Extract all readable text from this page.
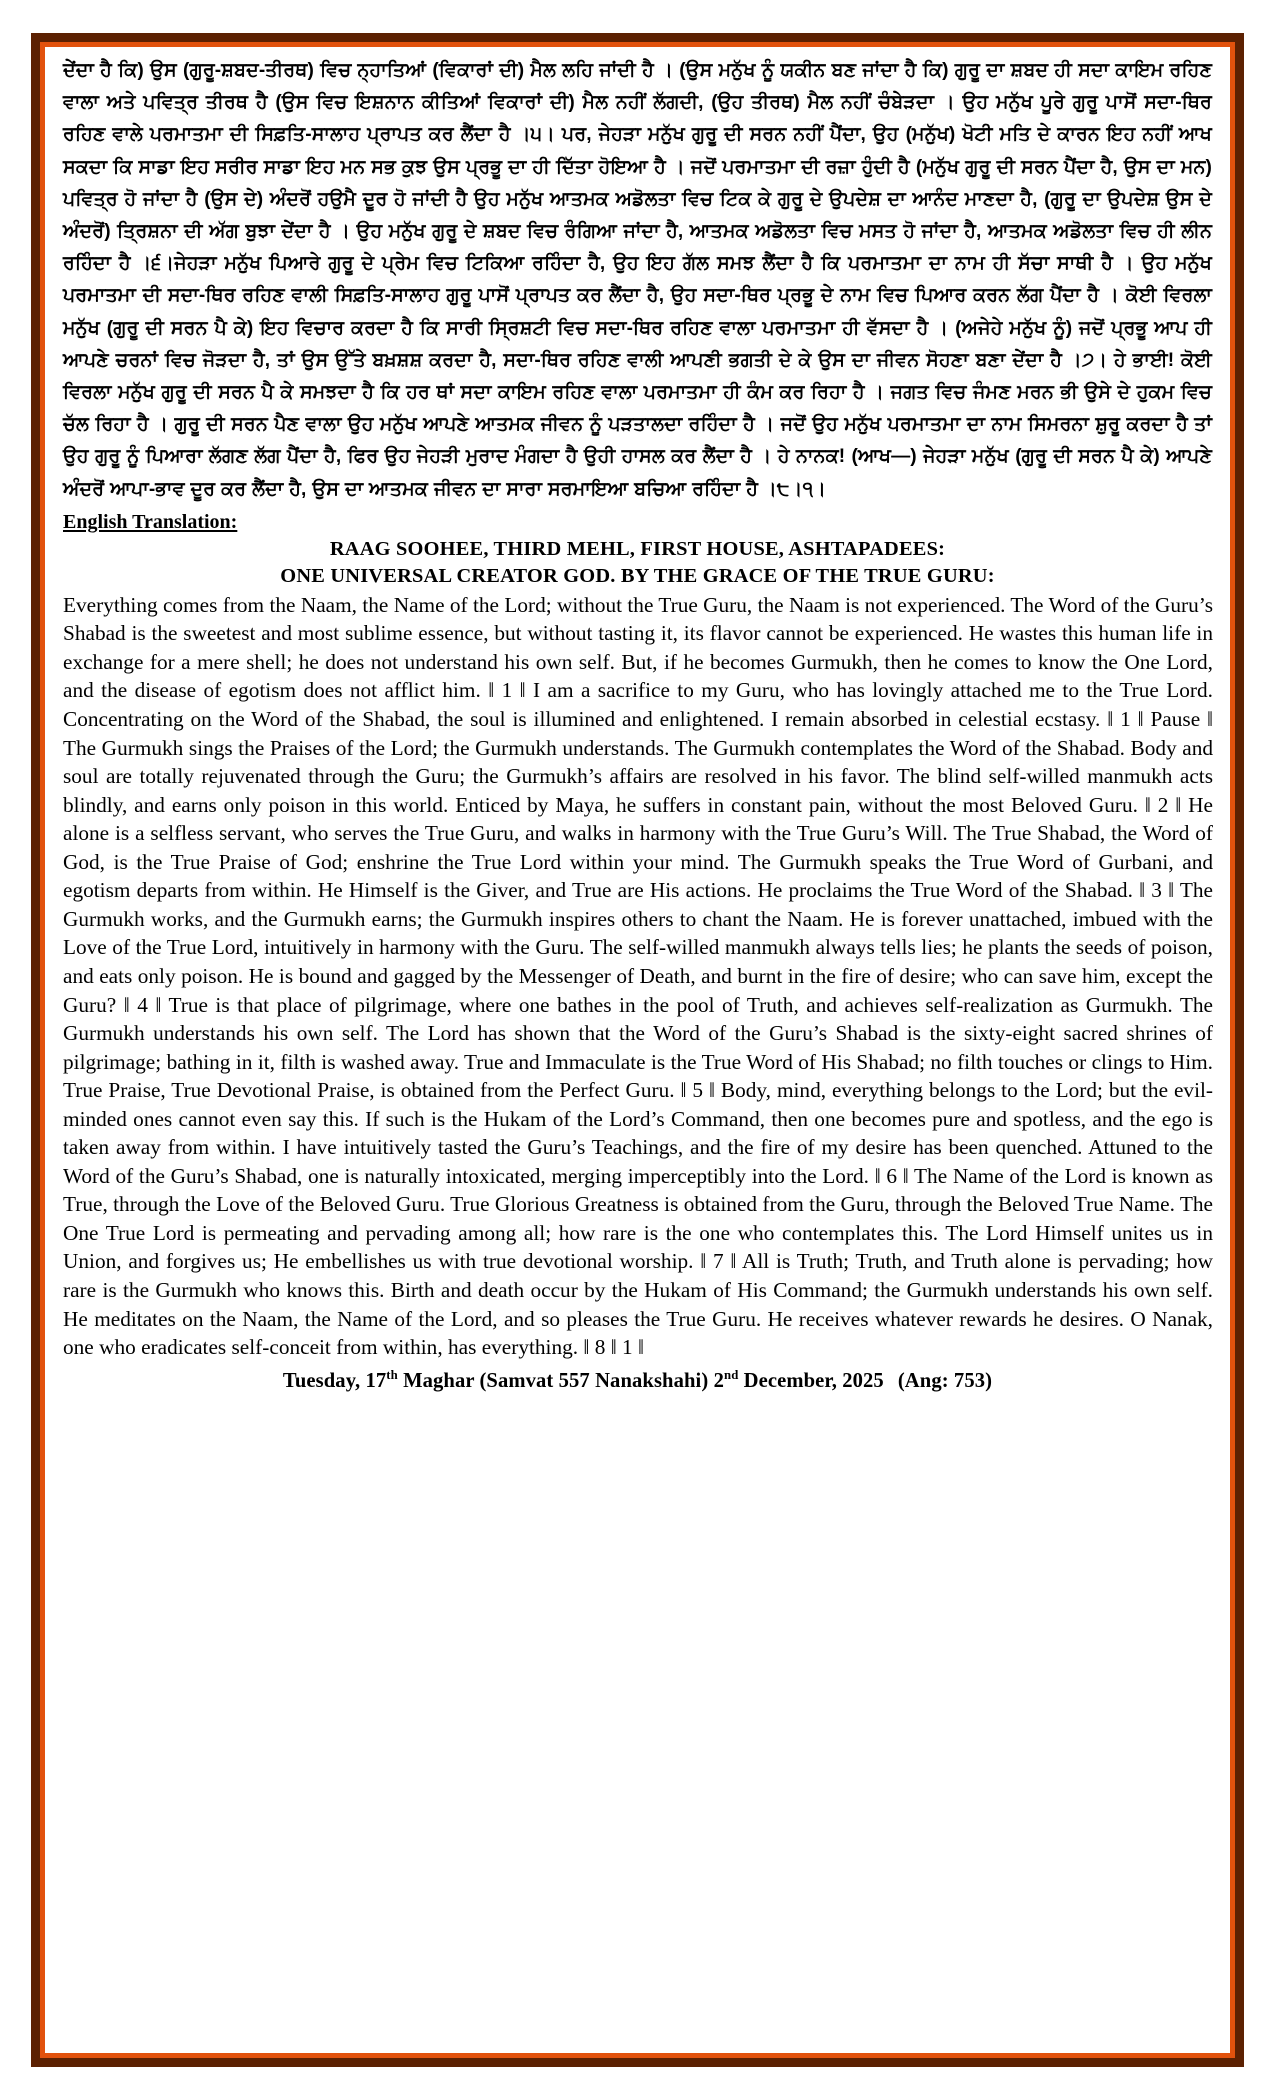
ਦੇਂਦਾ ਹੈ ਕਿ) ਉਸ (ਗੁਰੂ-ਸ਼ਬਦ-ਤੀਰਥ) ਵਿਚ ਨ੍ਹਾਤਿਆਂ (ਵਿਕਾਰਾਂ ਦੀ) ਮੈਲ ਲਹਿ ਜਾਂਦੀ ਹੈ । (ਉਸ ਮਨੁੱਖ ਨੂੰ ਯਕੀਨ ਬਣ ਜਾਂਦਾ ਹੈ ਕਿ) ਗੁਰੂ ਦਾ ਸ਼ਬਦ ਹੀ ਸਦਾ ਕਾਇਮ ਰਹਿਣ ਵਾਲਾ ਅਤੇ ਪਵਿਤ੍ਰ ਤੀਰਥ ਹੈ (ਉਸ ਵਿਚ ਇਸ਼ਨਾਨ ਕੀਤਿਆਂ ਵਿਕਾਰਾਂ ਦੀ) ਮੈਲ ਨਹੀਂ ਲੱਗਦੀ, (ਉਹ ਤੀਰਥ) ਮੈਲ ਨਹੀਂ ਚੰਬੇੜਦਾ । ਉਹ ਮਨੁੱਖ ਪੂਰੇ ਗੁਰੂ ਪਾਸੋਂ ਸਦਾ-ਥਿਰ ਰਹਿਣ ਵਾਲੇ ਪਰਮਾਤਮਾ ਦੀ ਸਿਫ਼ਤਿ-ਸਾਲਾਹ ਪ੍ਰਾਪਤ ਕਰ ਲੈਂਦਾ ਹੈ ।੫। ਪਰ, ਜੇਹੜਾ ਮਨੁੱਖ ਗੁਰੂ ਦੀ ਸਰਨ ਨਹੀਂ ਪੈਂਦਾ, ਉਹ (ਮਨੁੱਖ) ਖੋਟੀ ਮਤਿ ਦੇ ਕਾਰਨ ਇਹ ਨਹੀਂ ਆਖ ਸਕਦਾ ਕਿ ਸਾਡਾ ਇਹ ਸਰੀਰ ਸਾਡਾ ਇਹ ਮਨ ਸਭ ਕੁਝ ਉਸ ਪ੍ਰਭੂ ਦਾ ਹੀ ਦਿੱਤਾ ਹੋਇਆ ਹੈ । ਜਦੋਂ ਪਰਮਾਤਮਾ ਦੀ ਰਜ਼ਾ ਹੁੰਦੀ ਹੈ (ਮਨੁੱਖ ਗੁਰੂ ਦੀ ਸਰਨ ਪੈਂਦਾ ਹੈ, ਉਸ ਦਾ ਮਨ) ਪਵਿਤ੍ਰ ਹੋ ਜਾਂਦਾ ਹੈ (ਉਸ ਦੇ) ਅੰਦਰੋਂ ਹਉਮੈ ਦੂਰ ਹੋ ਜਾਂਦੀ ਹੈ ਉਹ ਮਨੁੱਖ ਆਤਮਕ ਅਡੋਲਤਾ ਵਿਚ ਟਿਕ ਕੇ ਗੁਰੂ ਦੇ ਉਪਦੇਸ਼ ਦਾ ਆਨੰਦ ਮਾਣਦਾ ਹੈ, (ਗੁਰੂ ਦਾ ਉਪਦੇਸ਼ ਉਸ ਦੇ ਅੰਦਰੋਂ) ਤ੍ਰਿਸ਼ਨਾ ਦੀ ਅੱਗ ਬੁਝਾ ਦੇਂਦਾ ਹੈ । ਉਹ ਮਨੁੱਖ ਗੁਰੂ ਦੇ ਸ਼ਬਦ ਵਿਚ ਰੰਗਿਆ ਜਾਂਦਾ ਹੈ, ਆਤਮਕ ਅਡੋਲਤਾ ਵਿਚ ਮਸਤ ਹੋ ਜਾਂਦਾ ਹੈ, ਆਤਮਕ ਅਡੋਲਤਾ ਵਿਚ ਹੀ ਲੀਨ ਰਹਿੰਦਾ ਹੈ ।੬।ਜੇਹੜਾ ਮਨੁੱਖ ਪਿਆਰੇ ਗੁਰੂ ਦੇ ਪ੍ਰੇਮ ਵਿਚ ਟਿਕਿਆ ਰਹਿੰਦਾ ਹੈ, ਉਹ ਇਹ ਗੱਲ ਸਮਝ ਲੈਂਦਾ ਹੈ ਕਿ ਪਰਮਾਤਮਾ ਦਾ ਨਾਮ ਹੀ ਸੱਚਾ ਸਾਥੀ ਹੈ । ਉਹ ਮਨੁੱਖ ਪਰਮਾਤਮਾ ਦੀ ਸਦਾ-ਥਿਰ ਰਹਿਣ ਵਾਲੀ ਸਿਫ਼ਤਿ-ਸਾਲਾਹ ਗੁਰੂ ਪਾਸੋਂ ਪ੍ਰਾਪਤ ਕਰ ਲੈਂਦਾ ਹੈ, ਉਹ ਸਦਾ-ਥਿਰ ਪ੍ਰਭੂ ਦੇ ਨਾਮ ਵਿਚ ਪਿਆਰ ਕਰਨ ਲੱਗ ਪੈਂਦਾ ਹੈ । ਕੋਈ ਵਿਰਲਾ ਮਨੁੱਖ (ਗੁਰੂ ਦੀ ਸਰਨ ਪੈ ਕੇ) ਇਹ ਵਿਚਾਰ ਕਰਦਾ ਹੈ ਕਿ ਸਾਰੀ ਸ੍ਰਿਸ਼ਟੀ ਵਿਚ ਸਦਾ-ਥਿਰ ਰਹਿਣ ਵਾਲਾ ਪਰਮਾਤਮਾ ਹੀ ਵੱਸਦਾ ਹੈ । (ਅਜੇਹੇ ਮਨੁੱਖ ਨੂੰ) ਜਦੋਂ ਪ੍ਰਭੂ ਆਪ ਹੀ ਆਪਣੇ ਚਰਨਾਂ ਵਿਚ ਜੋੜਦਾ ਹੈ, ਤਾਂ ਉਸ ਉੱਤੇ ਬਖ਼ਸ਼ਸ਼ ਕਰਦਾ ਹੈ, ਸਦਾ-ਥਿਰ ਰਹਿਣ ਵਾਲੀ ਆਪਣੀ ਭਗਤੀ ਦੇ ਕੇ ਉਸ ਦਾ ਜੀਵਨ ਸੋਹਣਾ ਬਣਾ ਦੇਂਦਾ ਹੈ ।੭। ਹੇ ਭਾਈ! ਕੋਈ ਵਿਰਲਾ ਮਨੁੱਖ ਗੁਰੂ ਦੀ ਸਰਨ ਪੈ ਕੇ ਸਮਝਦਾ ਹੈ ਕਿ ਹਰ ਥਾਂ ਸਦਾ ਕਾਇਮ ਰਹਿਣ ਵਾਲਾ ਪਰਮਾਤਮਾ ਹੀ ਕੰਮ ਕਰ ਰਿਹਾ ਹੈ । ਜਗਤ ਵਿਚ ਜੰਮਣ ਮਰਨ ਭੀ ਉਸੇ ਦੇ ਹੁਕਮ ਵਿਚ ਚੱਲ ਰਿਹਾ ਹੈ । ਗੁਰੂ ਦੀ ਸਰਨ ਪੈਣ ਵਾਲਾ ਉਹ ਮਨੁੱਖ ਆਪਣੇ ਆਤਮਕ ਜੀਵਨ ਨੂੰ ਪੜਤਾਲਦਾ ਰਹਿੰਦਾ ਹੈ । ਜਦੋਂ ਉਹ ਮਨੁੱਖ ਪਰਮਾਤਮਾ ਦਾ ਨਾਮ ਸਿਮਰਨਾ ਸ਼ੁਰੂ ਕਰਦਾ ਹੈ ਤਾਂ ਉਹ ਗੁਰੂ ਨੂੰ ਪਿਆਰਾ ਲੱਗਣ ਲੱਗ ਪੈਂਦਾ ਹੈ, ਫਿਰ ਉਹ ਜੇਹੜੀ ਮੁਰਾਦ ਮੰਗਦਾ ਹੈ ਉਹੀ ਹਾਸਲ ਕਰ ਲੈਂਦਾ ਹੈ । ਹੇ ਨਾਨਕ! (ਆਖ—) ਜੇਹੜਾ ਮਨੁੱਖ (ਗੁਰੂ ਦੀ ਸਰਨ ਪੈ ਕੇ) ਆਪਣੇ ਅੰਦਰੋਂ ਆਪਾ-ਭਾਵ ਦੂਰ ਕਰ ਲੈਂਦਾ ਹੈ, ਉਸ ਦਾ ਆਤਮਕ ਜੀਵਨ ਦਾ ਸਾਰਾ ਸਰਮਾਇਆ ਬਚਿਆ ਰਹਿੰਦਾ ਹੈ ।੮।੧।

English Translation:

RAAG SOOHEE, THIRD MEHL, FIRST HOUSE, ASHTAPADEES:

ONE UNIVERSAL CREATOR GOD. BY THE GRACE OF THE TRUE GURU:

Everything comes from the Naam, the Name of the Lord; without the True Guru, the Naam is not experienced. The Word of the Guru’s Shabad is the sweetest and most sublime essence, but without tasting it, its flavor cannot be experienced. He wastes this human life in exchange for a mere shell; he does not understand his own self. But, if he becomes Gurmukh, then he comes to know the One Lord, and the disease of egotism does not afflict him. ‖ 1 ‖ I am a sacrifice to my Guru, who has lovingly attached me to the True Lord. Concentrating on the Word of the Shabad, the soul is illumined and enlightened. I remain absorbed in celestial ecstasy. ‖ 1 ‖ Pause ‖ The Gurmukh sings the Praises of the Lord; the Gurmukh understands. The Gurmukh contemplates the Word of the Shabad. Body and soul are totally rejuvenated through the Guru; the Gurmukh’s affairs are resolved in his favor. The blind self-willed manmukh acts blindly, and earns only poison in this world. Enticed by Maya, he suffers in constant pain, without the most Beloved Guru. ‖ 2 ‖ He alone is a selfless servant, who serves the True Guru, and walks in harmony with the True Guru’s Will. The True Shabad, the Word of God, is the True Praise of God; enshrine the True Lord within your mind. The Gurmukh speaks the True Word of Gurbani, and egotism departs from within. He Himself is the Giver, and True are His actions. He proclaims the True Word of the Shabad. ‖ 3 ‖ The Gurmukh works, and the Gurmukh earns; the Gurmukh inspires others to chant the Naam. He is forever unattached, imbued with the Love of the True Lord, intuitively in harmony with the Guru. The self-willed manmukh always tells lies; he plants the seeds of poison, and eats only poison. He is bound and gagged by the Messenger of Death, and burnt in the fire of desire; who can save him, except the Guru? ‖ 4 ‖ True is that place of pilgrimage, where one bathes in the pool of Truth, and achieves self-realization as Gurmukh. The Gurmukh understands his own self. The Lord has shown that the Word of the Guru’s Shabad is the sixty-eight sacred shrines of pilgrimage; bathing in it, filth is washed away. True and Immaculate is the True Word of His Shabad; no filth touches or clings to Him. True Praise, True Devotional Praise, is obtained from the Perfect Guru. ‖ 5 ‖ Body, mind, everything belongs to the Lord; but the evil-minded ones cannot even say this. If such is the Hukam of the Lord’s Command, then one becomes pure and spotless, and the ego is taken away from within. I have intuitively tasted the Guru’s Teachings, and the fire of my desire has been quenched. Attuned to the Word of the Guru’s Shabad, one is naturally intoxicated, merging imperceptibly into the Lord. ‖ 6 ‖ The Name of the Lord is known as True, through the Love of the Beloved Guru. True Glorious Greatness is obtained from the Guru, through the Beloved True Name. The One True Lord is permeating and pervading among all; how rare is the one who contemplates this. The Lord Himself unites us in Union, and forgives us; He embellishes us with true devotional worship. ‖ 7 ‖ All is Truth; Truth, and Truth alone is pervading; how rare is the Gurmukh who knows this. Birth and death occur by the Hukam of His Command; the Gurmukh understands his own self. He meditates on the Naam, the Name of the Lord, and so pleases the True Guru. He receives whatever rewards he desires. O Nanak, one who eradicates self-conceit from within, has everything. ‖ 8 ‖ 1 ‖

Tuesday, 17th Maghar (Samvat 557 Nanakshahi) 2nd December, 2025 (Ang: 753)
